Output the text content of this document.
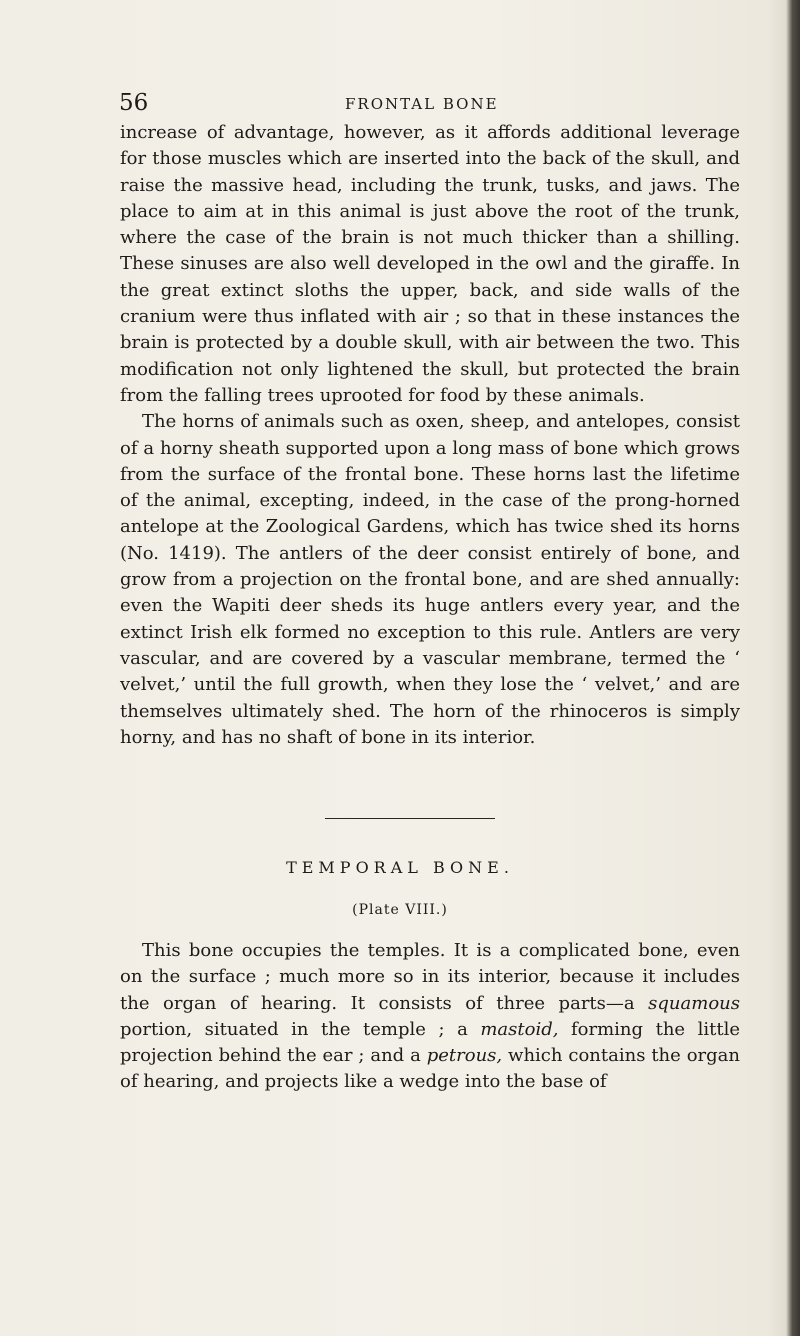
56	FRONTAL BONE

increase of advantage, however, as it affords additional leverage for those muscles which are inserted into the back of the skull, and raise the massive head, including the trunk, tusks, and jaws. The place to aim at in this animal is just above the root of the trunk, where the case of the brain is not much thicker than a shilling. These sinuses are also well developed in the owl and the giraffe. In the great extinct sloths the upper, back, and side walls of the cranium were thus inflated with air ; so that in these instances the brain is protected by a double skull, with air between the two. This modification not only lightened the skull, but protected the brain from the falling trees uprooted for food by these animals.

The horns of animals such as oxen, sheep, and antelopes, consist of a horny sheath supported upon a long mass of bone which grows from the surface of the frontal bone. These horns last the lifetime of the animal, excepting, indeed, in the case of the prong-horned antelope at the Zoological Gardens, which has twice shed its horns (No. 1419). The antlers of the deer consist entirely of bone, and grow from a projection on the frontal bone, and are shed annually: even the Wapiti deer sheds its huge antlers every year, and the extinct Irish elk formed no exception to this rule. Antlers are very vascular, and are covered by a vascular membrane, termed the ‘ velvet,’ until the full growth, when they lose the ‘ velvet,’ and are themselves ultimately shed. The horn of the rhinoceros is simply horny, and has no shaft of bone in its interior.

TEMPORAL BONE.
(Plate VIII.)

This bone occupies the temples. It is a complicated bone, even on the surface ; much more so in its interior, because it includes the organ of hearing. It consists of three parts—a squamous portion, situated in the temple ; a mastoid, forming the little projection behind the ear ; and a petrous, which contains the organ of hearing, and projects like a wedge into the base of
